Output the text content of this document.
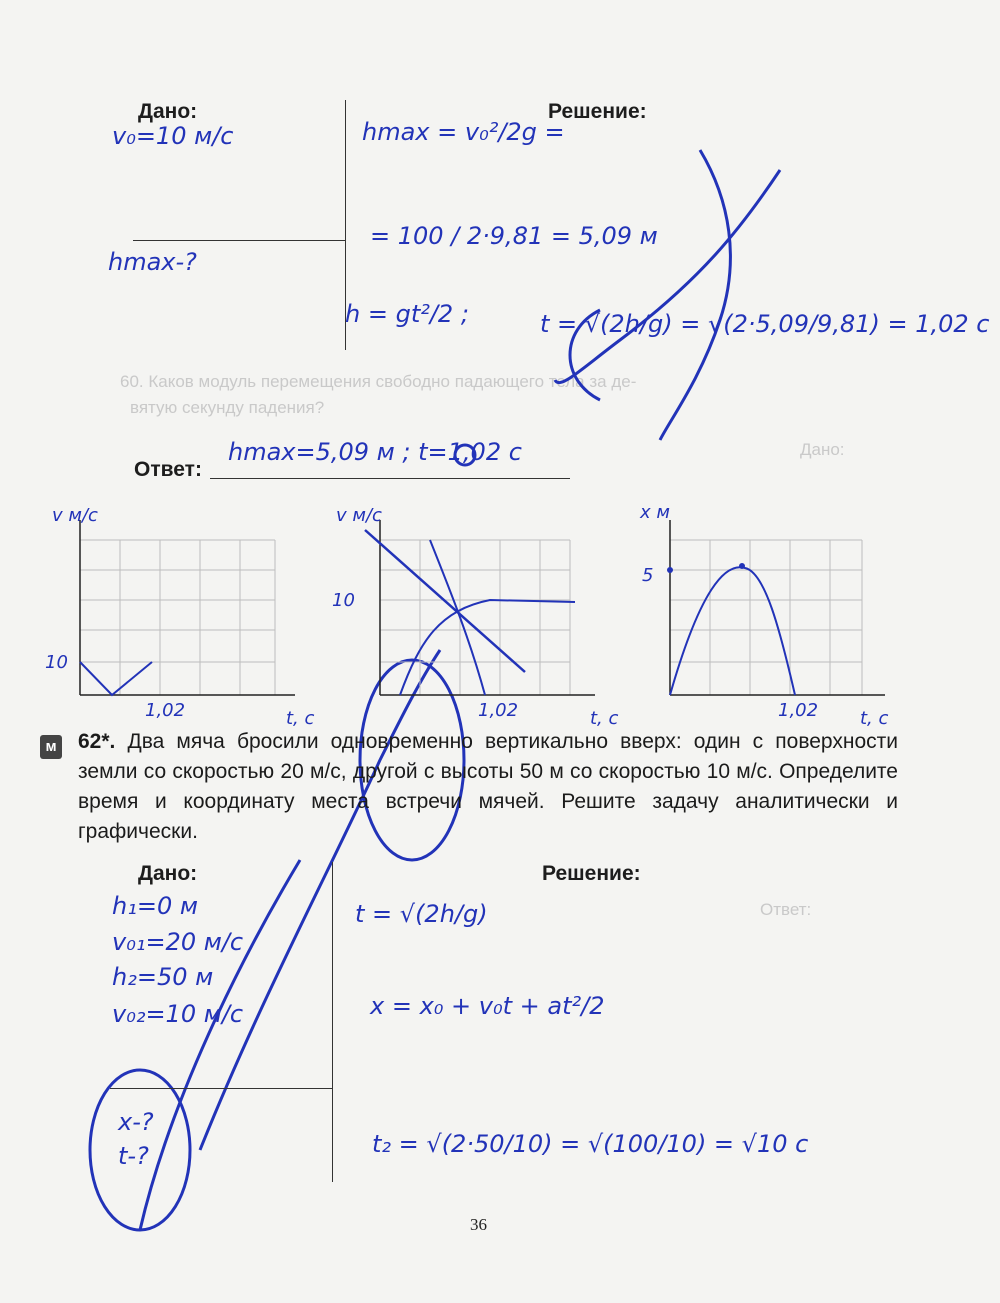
60. Каков модуль перемещения свободно падающего тела за де-
вятую секунду падения?
Дано:
Ответ:
Дано:	Решение:
v₀=10 м/с
hmax-?
hmax = v₀²/2g =
= 100 / 2·9,81 = 5,09 м
h = gt²/2 ;	t = √(2h/g) = √(2·5,09/9,81) = 1,02 с
Ответ:
hmax=5,09 м ; t=1,02 с
v м/с
t, с
10
1,02
v м/с
t, с
10
1,02
x м
t, с
5
1,02
м 62*. Два мяча бросили одновременно вертикально вверх: один с поверхности земли со скоростью 20 м/с, другой с высоты 50 м со скоростью 10 м/с. Определите время и координату места встречи мячей. Решите задачу аналитически и графически.
Дано:	Решение:
h₁=0 м
v₀₁=20 м/с
h₂=50 м
v₀₂=10 м/с
x-?
t-?
t = √(2h/g)
x = x₀ + v₀t + at²/2
t₂ = √(2·50/10) = √(100/10) = √10 с
36
